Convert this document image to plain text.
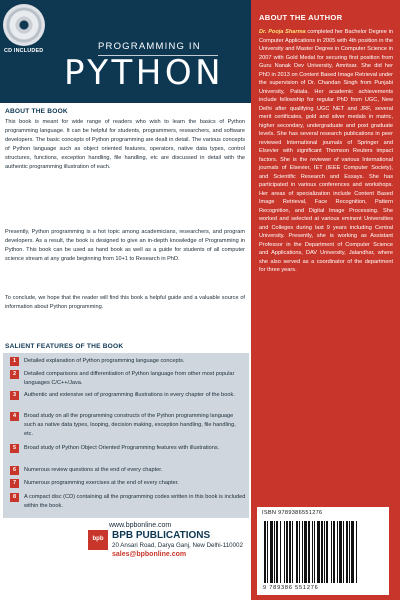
CD INCLUDED	PROGRAMMING IN
PYTHON
ABOUT THE BOOK
This book is meant for wide range of readers who wish to learn the basics of Python programming language. It can be helpful for students, programmers, researchers, and software developers. The basic concepts of Python programming are dealt in detail. The various concepts of Python language such as object oriented features, operators, native data types, control structures, functions, exception handling, file handling, etc are discussed in detail with the authentic programming illustration of each.
Presently, Python programming is a hot topic among academicians, researchers, and program developers. As a result, the book is designed to give an in-depth knowledge of Programming in Python. This book can be used as hand book as well as a guide for students of all computer science stream at any grade beginning from 10+1 to Research in PhD.
To conclude, we hope that the reader will find this book a helpful guide and a valuable source of information about Python programming.
SALIENT FEATURES OF THE BOOK
1	Detailed explanation of Python programming language concepts.
2	Detailed comparisons and differentiation of Python language from other most popular languages C/C++/Java.
3	Authentic and extensive set of programming illustrations in every chapter of the book.
4	Broad study on all the programming constructs of the Python programming language such as native data types, looping, decision making, exception handling, file handling, etc.
5	Broad study of Python Object Oriented Programming features with illustrations.
6	Numerous review questions at the end of every chapter.
7	Numerous programming exercises at the end of every chapter.
8	A compact disc (CD) containing all the programming codes written in this book is included within the book.
www.bpbonline.com
bpb BPB PUBLICATIONS
20 Ansari Road, Darya Ganj, New Delhi-110002
sales@bpbonline.com
ABOUT THE AUTHOR
Dr. Pooja Sharma completed her Bachelor Degree in Computer Applications in 2005 with 4th position in the University and Master Degree in Computer Science in 2007 with Gold Medal for securing first position from Guru Nanak Dev University, Amritsar. She did her PhD in 2013 on Content Based Image Retrieval under the supervision of Dr. Chandan Singh from Punjabi University, Patiala. Her academic achievements include fellowship for regular PhD from UGC, New Delhi after qualifying UGC NET and JRF, several merit certificates, gold and silver medals in matric, higher secondary, undergraduate and post graduate levels. She has several research publications in peer reviewed International journals of Springer and Elsevier with significant Thomson Reuters impact factors. She is the reviewer of various International journals of Elsevier, IET (IEEE Computer Society), and Scientific Research and Essays. She has participated in various conferences and workshops. Her areas of specialization include Content Based Image Retrieval, Face Recognition, Pattern Recognition, and Digital Image Processing. She worked and selected at various eminent Universities and Colleges during last 9 years including Central University. Presently, she is working as Assistant Professor in the Department of Computer Science and Applications, DAV University, Jalandhar, where she also served as a coordinator of the department for three years.
ISBN 9789386551276
9 789386 551276
